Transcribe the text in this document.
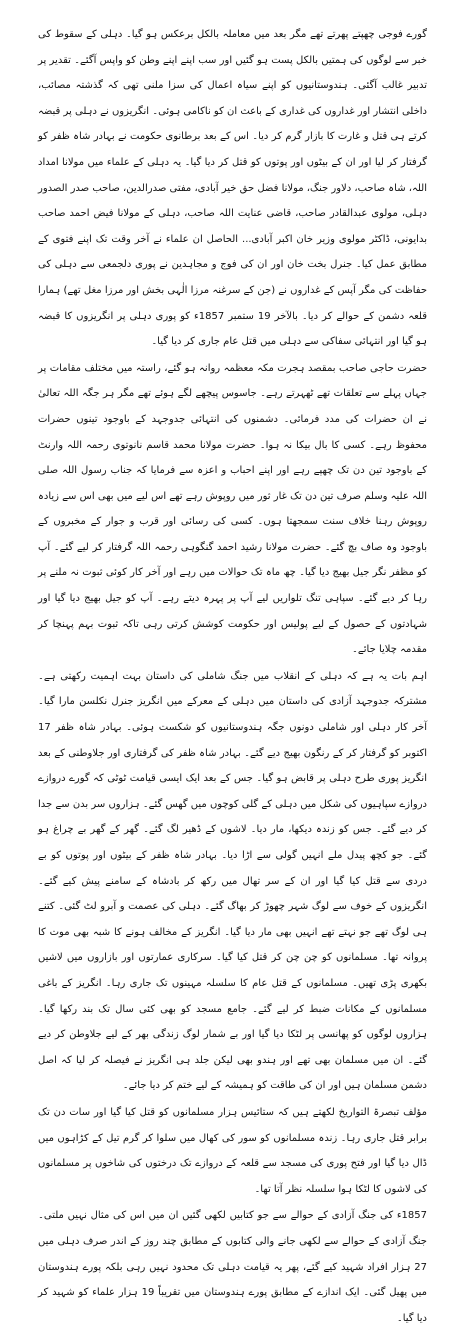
گورے فوجی چھپتے پھرتے تھے مگر بعد میں معاملہ بالکل برعکس ہو گیا۔ دہلی کے سقوط کی خبر سے لوگوں کی ہمتیں بالکل پست ہو گئیں اور سب اپنے اپنے وطن کو واپس آگئے۔ تقدیر پر تدبیر غالب آگئی۔ ہندوستانیوں کو اپنے سیاہ اعمال کی سزا ملنی تھی کہ گذشتہ مصائب، داخلی انتشار اور غداروں کی غداری کے باعث ان کو ناکامی ہوئی۔ انگریزوں نے دہلی پر قبضہ کرتے ہی قتل و غارت کا بازار گرم کر دیا۔ اس کے بعد برطانوی حکومت نے بہادر شاہ ظفر کو گرفتار کر لیا اور ان کے بیٹوں اور پوتوں کو قتل کر دیا گیا۔ یہ دہلی کے علماء میں مولانا امداد اللہ، شاہ صاحب، دلاور جنگ، مولانا فضل حق خیر آبادی، مفتی صدرالدین، صاحب صدر الصدور دہلی، مولوی عبدالقادر صاحب، قاضی عنایت اللہ صاحب، دہلی کے مولانا فیض احمد صاحب بدایونی، ڈاکٹر مولوی وزیر خان اکبر آبادی... الحاصل ان علماء نے آخر وقت تک اپنے فتوی کے مطابق عمل کیا۔ جنرل بخت خان اور ان کی فوج و مجاہدین نے پوری دلجمعی سے دہلی کی حفاظت کی مگر آپس کے غداروں نے (جن کے سرغنہ مرزا الٰہی بخش اور مرزا مغل تھے) ہمارا قلعہ دشمن کے حوالے کر دیا۔ بالآخر 19 ستمبر 1857ء کو پوری دہلی پر انگریزوں کا قبضہ ہو گیا اور انتہائی سفاکی سے دہلی میں قتل عام جاری کر دیا گیا۔

حضرت حاجی صاحب بمقصد ہجرت مکہ معظمہ روانہ ہو گئے، راستہ میں مختلف مقامات پر جہاں پہلے سے تعلقات تھے ٹھہرتے رہے۔ جاسوس پیچھے لگے ہوئے تھے مگر ہر جگہ اللہ تعالیٰ نے ان حضرات کی مدد فرمائی۔ دشمنوں کی انتہائی جدوجہد کے باوجود تینوں حضرات محفوظ رہے۔ کسی کا بال بیکا نہ ہوا۔ حضرت مولانا محمد قاسم نانوتوی رحمہ اللہ وارنٹ کے باوجود تین دن تک چھپے رہے اور اپنے احباب و اعزہ سے فرمایا کہ جناب رسول اللہ صلی اللہ علیہ وسلم صرف تین دن تک غار ثور میں روپوش رہے تھے اس لیے میں بھی اس سے زیادہ روپوش رہنا خلاف سنت سمجھتا ہوں۔ کسی کی رسائی اور قرب و جوار کے مخبروں کے باوجود وہ صاف بچ گئے۔ حضرت مولانا رشید احمد گنگوہی رحمہ اللہ گرفتار کر لیے گئے۔ آپ کو مظفر نگر جیل بھیج دیا گیا۔ چھ ماہ تک حوالات میں رہے اور آخر کار کوئی ثبوت نہ ملنے پر رہا کر دیے گئے۔ سپاہی تنگ تلواریں لیے آپ پر پہرہ دیتے رہے۔ آپ کو جیل بھیج دیا گیا اور شہادتوں کے حصول کے لیے پولیس اور حکومت کوشش کرتی رہی تاکہ ثبوت بہم پہنچا کر مقدمہ چلایا جائے۔

اہم بات یہ ہے کہ دہلی کے انقلاب میں جنگ شاملی کی داستان بہت اہمیت رکھتی ہے۔ مشترکہ جدوجہد آزادی کی داستان میں دہلی کے معرکے میں انگریز جنرل نکلسن مارا گیا۔ آخر کار دہلی اور شاملی دونوں جگہ ہندوستانیوں کو شکست ہوئی۔ بہادر شاہ ظفر 17 اکتوبر کو گرفتار کر کے رنگون بھیج دیے گئے۔ بہادر شاہ ظفر کی گرفتاری اور جلاوطنی کے بعد انگریز پوری طرح دہلی پر قابض ہو گیا۔ جس کے بعد ایک ایسی قیامت ٹوٹی کہ گورے دروازے دروازے سپاہیوں کی شکل میں دہلی کے گلی کوچوں میں گھس گئے۔ ہزاروں سر بدن سے جدا کر دیے گئے۔ جس کو زندہ دیکھا، مار دیا۔ لاشوں کے ڈھیر لگ گئے۔ گھر کے گھر بے چراغ ہو گئے۔ جو کچھ پیدل ملے انہیں گولی سے اڑا دیا۔ بہادر شاہ ظفر کے بیٹوں اور پوتوں کو بے دردی سے قتل کیا گیا اور ان کے سر تھال میں رکھ کر بادشاہ کے سامنے پیش کیے گئے۔ انگریزوں کے خوف سے لوگ شہر چھوڑ کر بھاگ گئے۔ دہلی کی عصمت و آبرو لٹ گئی۔ کتنے ہی لوگ تھے جو نہتے تھے انہیں بھی مار دیا گیا۔ انگریز کے مخالف ہونے کا شبہ بھی موت کا پروانہ تھا۔ مسلمانوں کو چن چن کر قتل کیا گیا۔ سرکاری عمارتوں اور بازاروں میں لاشیں بکھری پڑی تھیں۔ مسلمانوں کے قتل عام کا سلسلہ مہینوں تک جاری رہا۔ انگریز کے باغی مسلمانوں کے مکانات ضبط کر لیے گئے۔ جامع مسجد کو بھی کئی سال تک بند رکھا گیا۔ ہزاروں لوگوں کو پھانسی پر لٹکا دیا گیا اور بے شمار لوگ زندگی بھر کے لیے جلاوطن کر دیے گئے۔ ان میں مسلمان بھی تھے اور ہندو بھی لیکن جلد ہی انگریز نے فیصلہ کر لیا کہ اصل دشمن مسلمان ہیں اور ان کی طاقت کو ہمیشہ کے لیے ختم کر دیا جائے۔

مؤلف تبصرۃ التواریخ لکھتے ہیں کہ ستائیس ہزار مسلمانوں کو قتل کیا گیا اور سات دن تک برابر قتل جاری رہا۔ زندہ مسلمانوں کو سور کی کھال میں سلوا کر گرم تیل کے کڑاہوں میں ڈال دیا گیا اور فتح پوری کی مسجد سے قلعہ کے دروازے تک درختوں کی شاخوں پر مسلمانوں کی لاشوں کا لٹکا ہوا سلسلہ نظر آتا تھا۔

1857ء کی جنگ آزادی کے حوالے سے جو کتابیں لکھی گئیں ان میں اس کی مثال نہیں ملتی۔ جنگ آزادی کے حوالے سے لکھی جانے والی کتابوں کے مطابق چند روز کے اندر صرف دہلی میں 27 ہزار افراد شہید کیے گئے، پھر یہ قیامت دہلی تک محدود نہیں رہی بلکہ پورے ہندوستان میں پھیل گئی۔ ایک اندازے کے مطابق پورے ہندوستان میں تقریباً 19 ہزار علماء کو شہید کر دیا گیا۔
